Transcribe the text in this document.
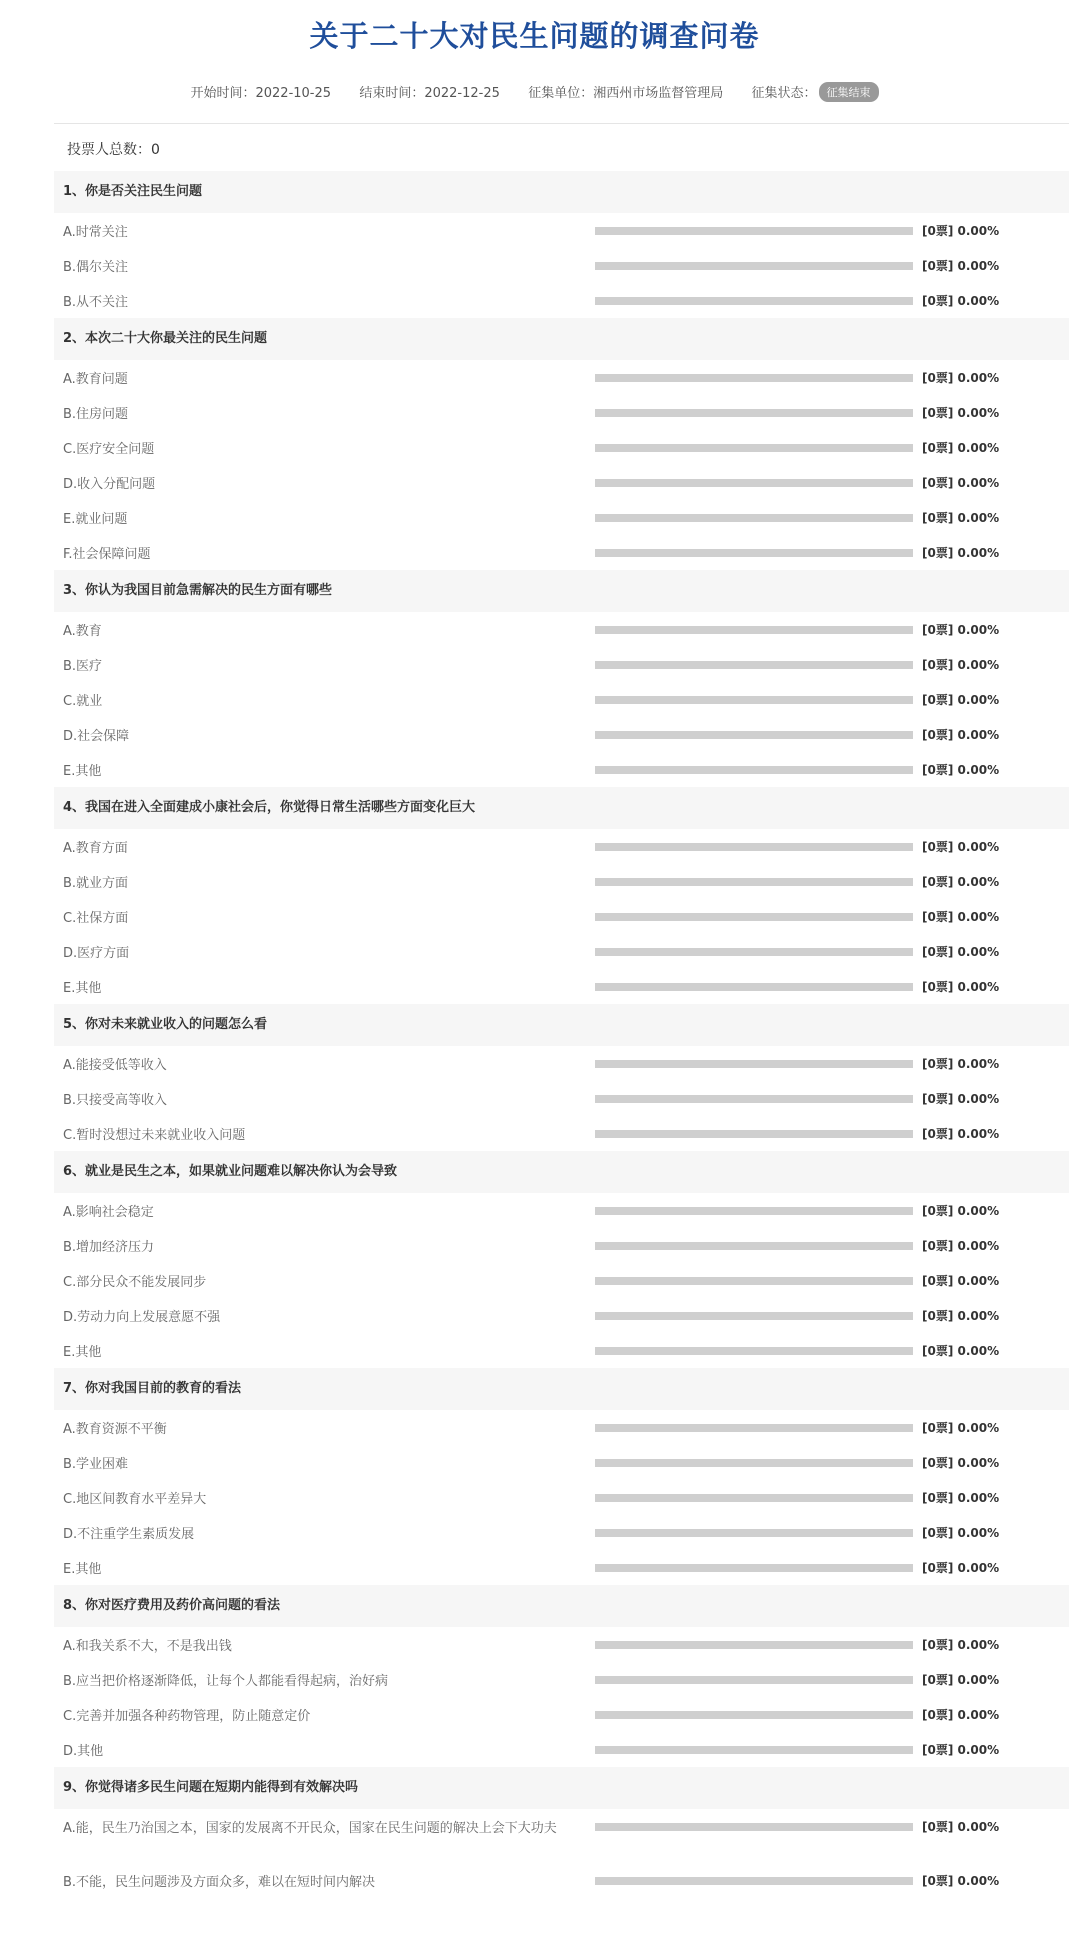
关于二十大对民生问题的调查问卷
开始时间：2022-10-25 结束时间：2022-12-25 征集单位：湘西州市场监督管理局 征集状态： 征集结束
投票人总数：0
1、你是否关注民生问题
A.时常关注	[0票] 0.00%
B.偶尔关注	[0票] 0.00%
B.从不关注	[0票] 0.00%
2、本次二十大你最关注的民生问题
A.教育问题	[0票] 0.00%
B.住房问题	[0票] 0.00%
C.医疗安全问题	[0票] 0.00%
D.收入分配问题	[0票] 0.00%
E.就业问题	[0票] 0.00%
F.社会保障问题	[0票] 0.00%
3、你认为我国目前急需解决的民生方面有哪些
A.教育	[0票] 0.00%
B.医疗	[0票] 0.00%
C.就业	[0票] 0.00%
D.社会保障	[0票] 0.00%
E.其他	[0票] 0.00%
4、我国在进入全面建成小康社会后，你觉得日常生活哪些方面变化巨大
A.教育方面	[0票] 0.00%
B.就业方面	[0票] 0.00%
C.社保方面	[0票] 0.00%
D.医疗方面	[0票] 0.00%
E.其他	[0票] 0.00%
5、你对未来就业收入的问题怎么看
A.能接受低等收入	[0票] 0.00%
B.只接受高等收入	[0票] 0.00%
C.暂时没想过未来就业收入问题	[0票] 0.00%
6、就业是民生之本，如果就业问题难以解决你认为会导致
A.影响社会稳定	[0票] 0.00%
B.增加经济压力	[0票] 0.00%
C.部分民众不能发展同步	[0票] 0.00%
D.劳动力向上发展意愿不强	[0票] 0.00%
E.其他	[0票] 0.00%
7、你对我国目前的教育的看法
A.教育资源不平衡	[0票] 0.00%
B.学业困难	[0票] 0.00%
C.地区间教育水平差异大	[0票] 0.00%
D.不注重学生素质发展	[0票] 0.00%
E.其他	[0票] 0.00%
8、你对医疗费用及药价高问题的看法
A.和我关系不大，不是我出钱	[0票] 0.00%
B.应当把价格逐渐降低，让每个人都能看得起病，治好病	[0票] 0.00%
C.完善并加强各种药物管理，防止随意定价	[0票] 0.00%
D.其他	[0票] 0.00%
9、你觉得诸多民生问题在短期内能得到有效解决吗
A.能，民生乃治国之本，国家的发展离不开民众，国家在民生问题的解决上会下大功夫	[0票] 0.00%
B.不能，民生问题涉及方面众多，难以在短时间内解决	[0票] 0.00%
